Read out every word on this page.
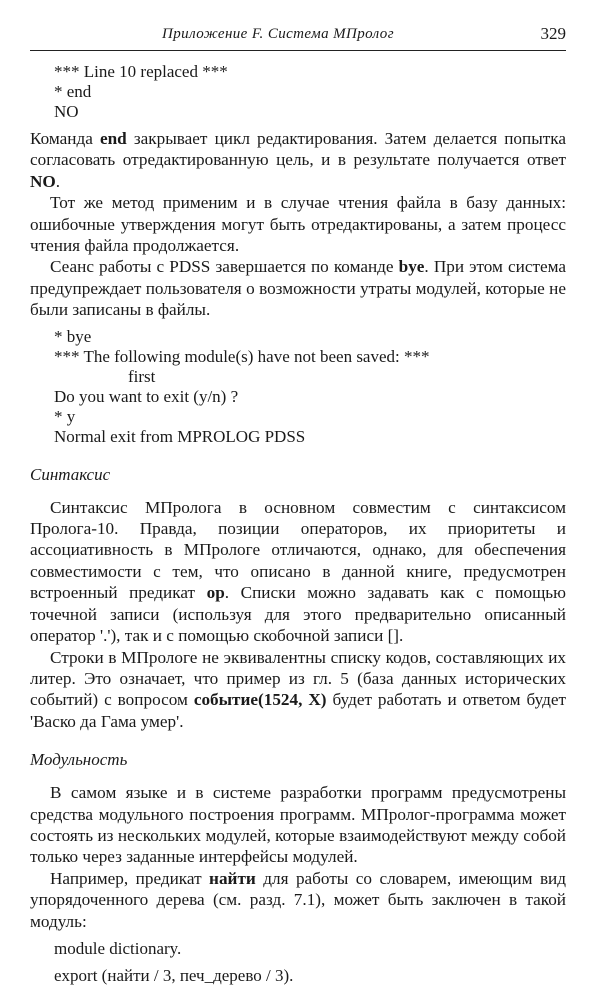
Приложение F. Система МПролог	329
*** Line 10 replaced ***
* end
NO

Команда end закрывает цикл редактирования. Затем делается попытка согласовать отредактированную цель, и в результате получается ответ NO.

Тот же метод применим и в случае чтения файла в базу данных: ошибочные утверждения могут быть отредактированы, а затем процесс чтения файла продолжается.

Сеанс работы с PDSS завершается по команде bye. При этом система предупреждает пользователя о возможности утраты модулей, которые не были записаны в файлы.

* bye
*** The following module(s) have not been saved: ***
first
Do you want to exit (y/n) ?
* y
Normal exit from MPROLOG PDSS
Синтаксис

Синтаксис МПролога в основном совместим с синтаксисом Пролога-10. Правда, позиции операторов, их приоритеты и ассоциативность в МПрологе отличаются, однако, для обеспечения совместимости с тем, что описано в данной книге, предусмотрен встроенный предикат ор. Списки можно задавать как с помощью точечной записи (используя для этого предварительно описанный оператор '.'), так и с помощью скобочной записи [].

Строки в МПрологе не эквивалентны списку кодов, составляющих их литер. Это означает, что пример из гл. 5 (база данных исторических событий) с вопросом событие(1524, X) будет работать и ответом будет 'Васко да Гама умер'.

Модульность

В самом языке и в системе разработки программ предусмотрены средства модульного построения программ. МПролог-программа может состоять из нескольких модулей, которые взаимодействуют между собой только через заданные интерфейсы модулей.

Например, предикат найти для работы со словарем, имеющим вид упорядоченного дерева (см. разд. 7.1), может быть заключен в такой модуль:

module dictionary.
export (найти / 3, печ_дерево / 3).
